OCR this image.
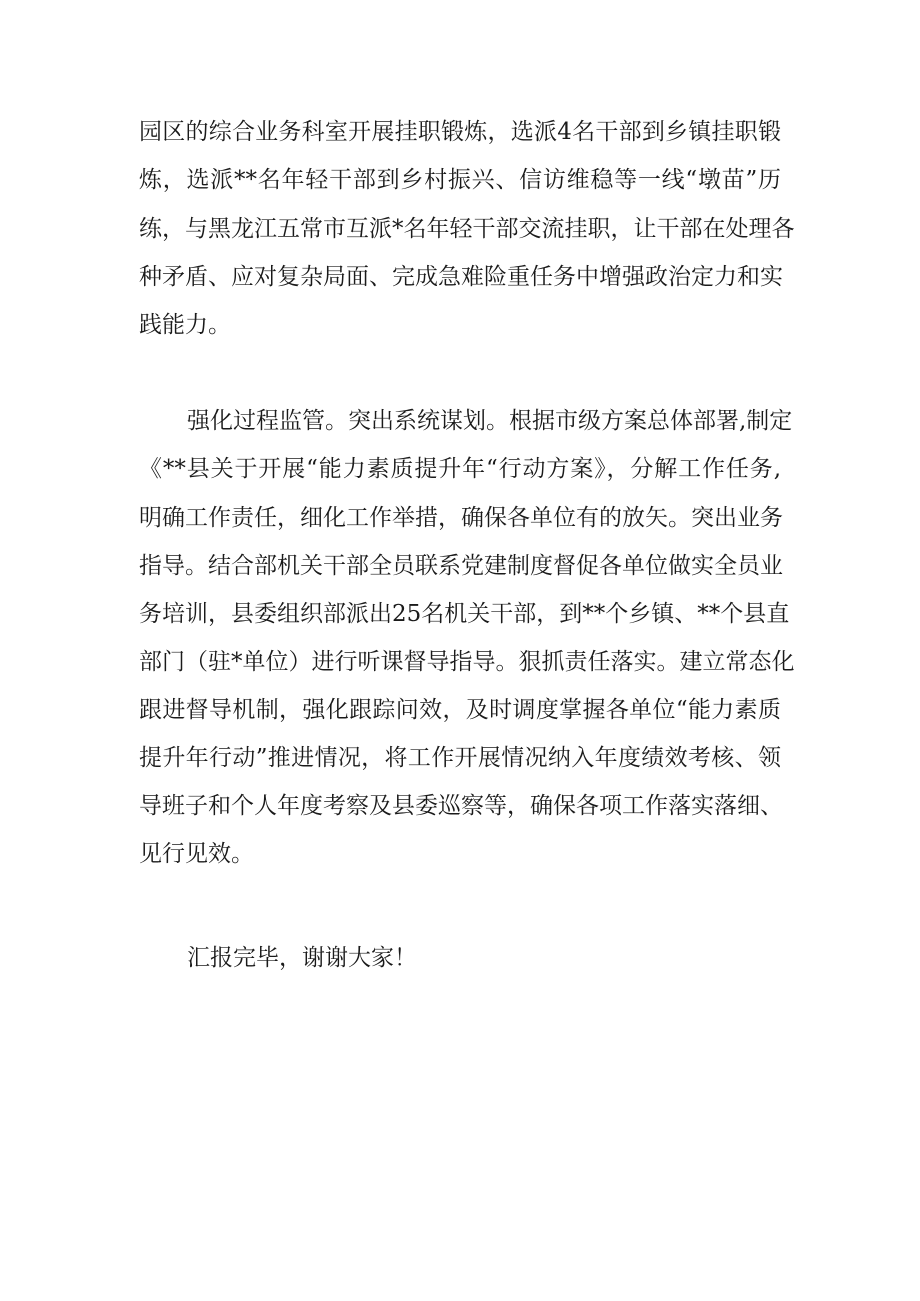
园区的综合业务科室开展挂职锻炼，选派4名干部到乡镇挂职锻
炼，选派**名年轻干部到乡村振兴、信访维稳等一线“墩苗”历
练，与黑龙江五常市互派*名年轻干部交流挂职，让干部在处理各
种矛盾、应对复杂局面、完成急难险重任务中增强政治定力和实
践能力。
强化过程监管。突出系统谋划。根据市级方案总体部署,制定
《**县关于开展“能力素质提升年“行动方案》，分解工作任务,
明确工作责任，细化工作举措，确保各单位有的放矢。突出业务
指导。结合部机关干部全员联系党建制度督促各单位做实全员业
务培训，县委组织部派出25名机关干部，到**个乡镇、**个县直
部门（驻*单位）进行听课督导指导。狠抓责任落实。建立常态化
跟进督导机制，强化跟踪问效，及时调度掌握各单位“能力素质
提升年行动”推进情况，将工作开展情况纳入年度绩效考核、领
导班子和个人年度考察及县委巡察等，确保各项工作落实落细、
见行见效。
汇报完毕，谢谢大家！
